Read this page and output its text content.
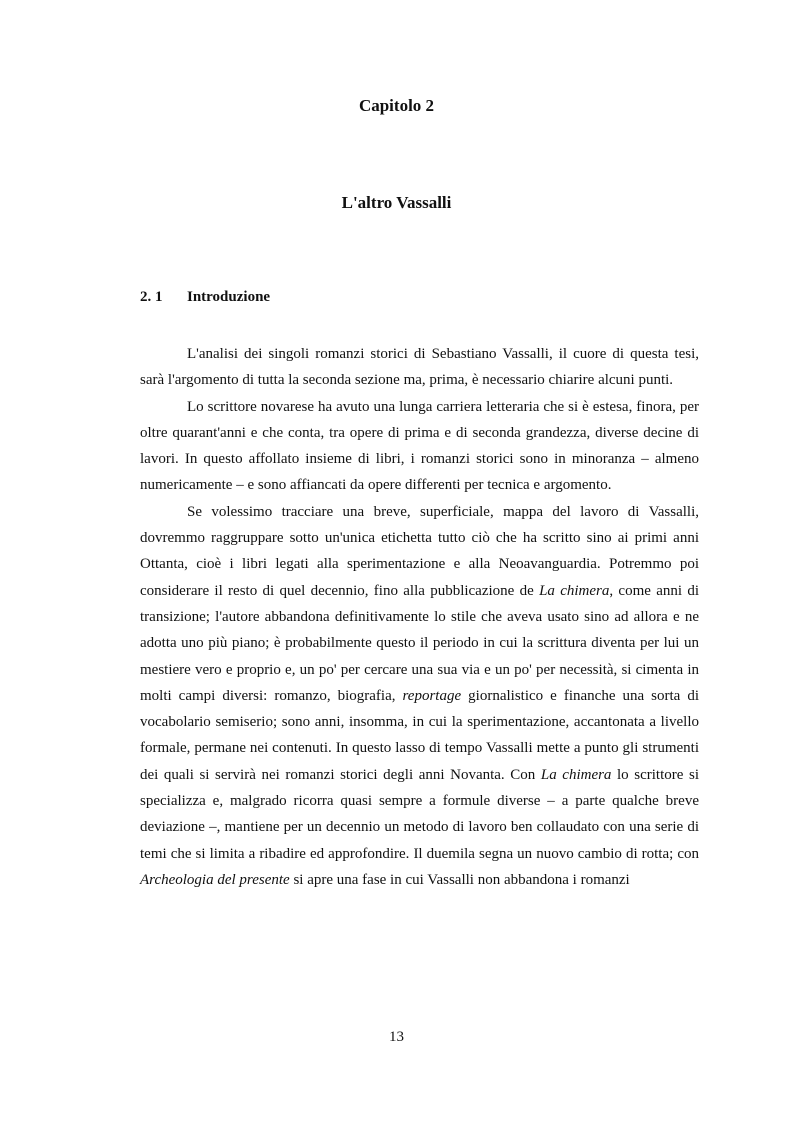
Capitolo 2
L'altro Vassalli
2. 1 Introduzione

L'analisi dei singoli romanzi storici di Sebastiano Vassalli, il cuore di questa tesi, sarà l'argomento di tutta la seconda sezione ma, prima, è necessario chiarire alcuni punti.

Lo scrittore novarese ha avuto una lunga carriera letteraria che si è estesa, finora, per oltre quarant'anni e che conta, tra opere di prima e di seconda grandezza, diverse decine di lavori. In questo affollato insieme di libri, i romanzi storici sono in minoranza – almeno numericamente – e sono affiancati da opere differenti per tecnica e argomento.

Se volessimo tracciare una breve, superficiale, mappa del lavoro di Vassalli, dovremmo raggruppare sotto un'unica etichetta tutto ciò che ha scritto sino ai primi anni Ottanta, cioè i libri legati alla sperimentazione e alla Neoavanguardia. Potremmo poi considerare il resto di quel decennio, fino alla pubblicazione de La chimera, come anni di transizione; l'autore abbandona definitivamente lo stile che aveva usato sino ad allora e ne adotta uno più piano; è probabilmente questo il periodo in cui la scrittura diventa per lui un mestiere vero e proprio e, un po' per cercare una sua via e un po' per necessità, si cimenta in molti campi diversi: romanzo, biografia, reportage giornalistico e finanche una sorta di vocabolario semiserio; sono anni, insomma, in cui la sperimentazione, accantonata a livello formale, permane nei contenuti. In questo lasso di tempo Vassalli mette a punto gli strumenti dei quali si servirà nei romanzi storici degli anni Novanta. Con La chimera lo scrittore si specializza e, malgrado ricorra quasi sempre a formule diverse – a parte qualche breve deviazione –, mantiene per un decennio un metodo di lavoro ben collaudato con una serie di temi che si limita a ribadire ed approfondire. Il duemila segna un nuovo cambio di rotta; con Archeologia del presente si apre una fase in cui Vassalli non abbandona i romanzi

13
